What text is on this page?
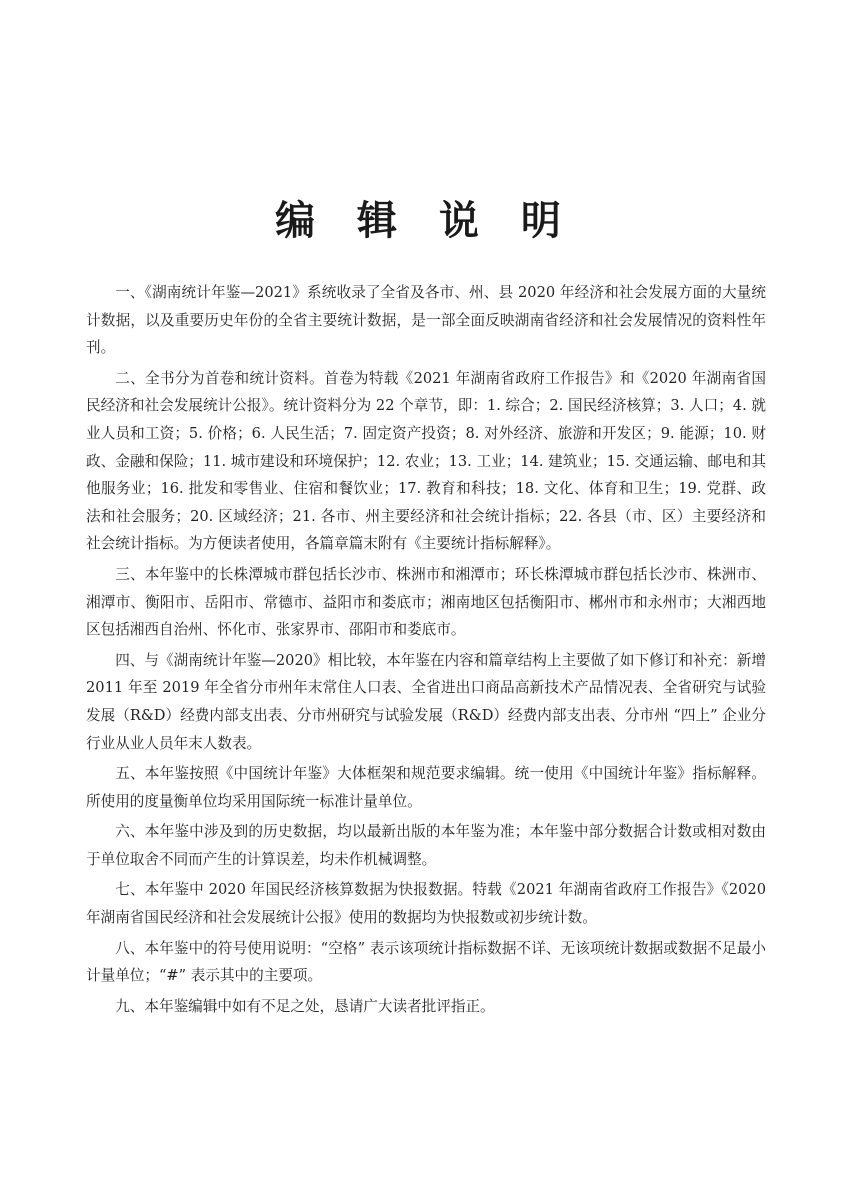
编 辑 说 明

一、《湖南统计年鉴—2021》系统收录了全省及各市、州、县 2020 年经济和社会发展方面的大量统计数据，以及重要历史年份的全省主要统计数据，是一部全面反映湖南省经济和社会发展情况的资料性年刊。

二、全书分为首卷和统计资料。首卷为特载《2021 年湖南省政府工作报告》和《2020 年湖南省国民经济和社会发展统计公报》。统计资料分为 22 个章节，即：1. 综合；2. 国民经济核算；3. 人口；4. 就业人员和工资；5. 价格；6. 人民生活；7. 固定资产投资；8. 对外经济、旅游和开发区；9. 能源；10. 财政、金融和保险；11. 城市建设和环境保护；12. 农业；13. 工业；14. 建筑业；15. 交通运输、邮电和其他服务业；16. 批发和零售业、住宿和餐饮业；17. 教育和科技；18. 文化、体育和卫生；19. 党群、政法和社会服务；20. 区域经济；21. 各市、州主要经济和社会统计指标；22. 各县（市、区）主要经济和社会统计指标。为方便读者使用，各篇章篇末附有《主要统计指标解释》。

三、本年鉴中的长株潭城市群包括长沙市、株洲市和湘潭市；环长株潭城市群包括长沙市、株洲市、湘潭市、衡阳市、岳阳市、常德市、益阳市和娄底市；湘南地区包括衡阳市、郴州市和永州市；大湘西地区包括湘西自治州、怀化市、张家界市、邵阳市和娄底市。

四、与《湖南统计年鉴—2020》相比较，本年鉴在内容和篇章结构上主要做了如下修订和补充：新增 2011 年至 2019 年全省分市州年末常住人口表、全省进出口商品高新技术产品情况表、全省研究与试验发展（R&D）经费内部支出表、分市州研究与试验发展（R&D）经费内部支出表、分市州 “四上” 企业分行业从业人员年末人数表。

五、本年鉴按照《中国统计年鉴》大体框架和规范要求编辑。统一使用《中国统计年鉴》指标解释。所使用的度量衡单位均采用国际统一标准计量单位。

六、本年鉴中涉及到的历史数据，均以最新出版的本年鉴为准；本年鉴中部分数据合计数或相对数由于单位取舍不同而产生的计算误差，均未作机械调整。

七、本年鉴中 2020 年国民经济核算数据为快报数据。特载《2021 年湖南省政府工作报告》《2020 年湖南省国民经济和社会发展统计公报》使用的数据均为快报数或初步统计数。

八、本年鉴中的符号使用说明：“空格” 表示该项统计指标数据不详、无该项统计数据或数据不足最小计量单位；“#” 表示其中的主要项。

九、本年鉴编辑中如有不足之处，恳请广大读者批评指正。
